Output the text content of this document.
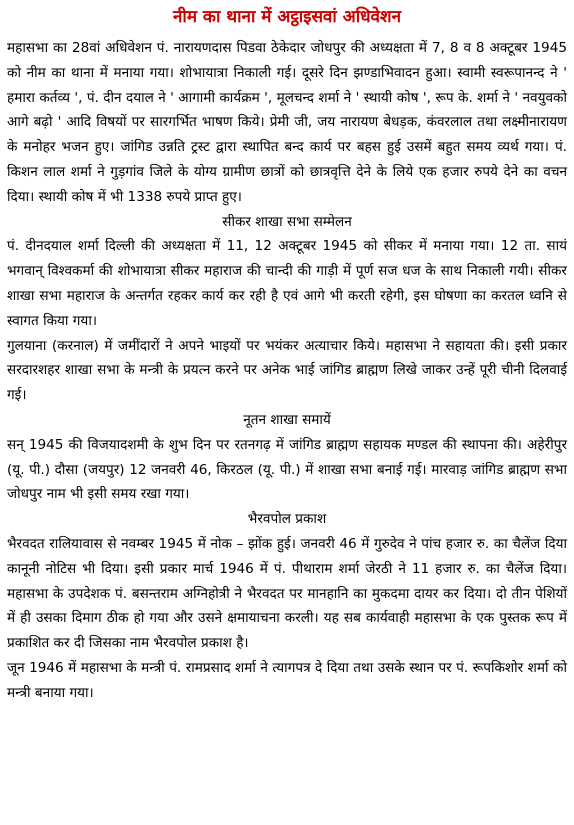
नीम का थाना में अट्ठाइसवां अधिवेशन

महासभा का 28वां अधिवेशन पं. नारायणदास पिडवा ठेकेदार जोधपुर की अध्यक्षता में 7, 8 व 8 अक्टूबर 1945 को नीम का थाना में मनाया गया। शोभायात्रा निकाली गई। दूसरे दिन झण्डाभिवादन हुआ। स्वामी स्वरूपानन्द ने ' हमारा कर्तव्य ', पं. दीन दयाल ने ' आगामी कार्यक्रम ', मूलचन्द शर्मा ने ' स्थायी कोष ', रूप के. शर्मा ने ' नवयुवको आगे बढ़ो ' आदि विषयों पर सारगर्भित भाषण किये। प्रेमी जी, जय नारायण बेधड़क, कंवरलाल तथा लक्ष्मीनारायण के मनोहर भजन हुए। जांगिड उन्नति ट्रस्ट द्वारा स्थापित बन्द कार्य पर बहस हुई उसमें बहुत समय व्यर्थ गया। पं. किशन लाल शर्मा ने गुड़गांव जिले के योग्य ग्रामीण छात्रों को छात्रवृत्ति देने के लिये एक हजार रुपये देने का वचन दिया। स्थायी कोष में भी 1338 रुपये प्राप्त हुए।

सीकर शाखा सभा सम्मेलन

पं. दीनदयाल शर्मा दिल्ली की अध्यक्षता में 11, 12 अक्टूबर 1945 को सीकर में मनाया गया। 12 ता. सायं भगवान् विश्वकर्मा की शोभायात्रा सीकर महाराज की चान्दी की गाड़ी में पूर्ण सज धज के साथ निकाली गयी। सीकर शाखा सभा महाराज के अन्तर्गत रहकर कार्य कर रही है एवं आगे भी करती रहेगी, इस घोषणा का करतल ध्वनि से स्वागत किया गया।

गुलयाना (करनाल) में जमींदारों ने अपने भाइयों पर भयंकर अत्याचार किये। महासभा ने सहायता की। इसी प्रकार सरदारशहर शाखा सभा के मन्त्री के प्रयत्न करने पर अनेक भाई जांगिड ब्राह्मण लिखे जाकर उन्हें पूरी चीनी दिलवाई गई।

नूतन शाखा समायें

सन् 1945 की विजयादशमी के शुभ दिन पर रतनगढ़ में जांगिड ब्राह्मण सहायक मण्डल की स्थापना की। अहेरीपुर (यू. पी.) दौसा (जयपुर) 12 जनवरी 46, किरठल (यू. पी.) में शाखा सभा बनाई गई। मारवाड़ जांगिड ब्राह्मण सभा जोधपुर नाम भी इसी समय रखा गया।

भैरवपोल प्रकाश

भैरवदत रालियावास से नवम्बर 1945 में नोक – झोंक हुई। जनवरी 46 में गुरुदेव ने पांच हजार रु. का चैलेंज दिया कानूनी नोटिस भी दिया। इसी प्रकार मार्च 1946 में पं. पीथाराम शर्मा जेरठी ने 11 हजार रु. का चैलेंज दिया। महासभा के उपदेशक पं. बसन्तराम अग्निहोत्री ने भैरवदत पर मानहानि का मुकदमा दायर कर दिया। दो तीन पेशियों में ही उसका दिमाग ठीक हो गया और उसने क्षमायाचना करली। यह सब कार्यवाही महासभा के एक पुस्तक रूप में प्रकाशित कर दी जिसका नाम भैरवपोल प्रकाश है।

जून 1946 में महासभा के मन्त्री पं. रामप्रसाद शर्मा ने त्यागपत्र दे दिया तथा उसके स्थान पर पं. रूपकिशोर शर्मा को मन्त्री बनाया गया।
